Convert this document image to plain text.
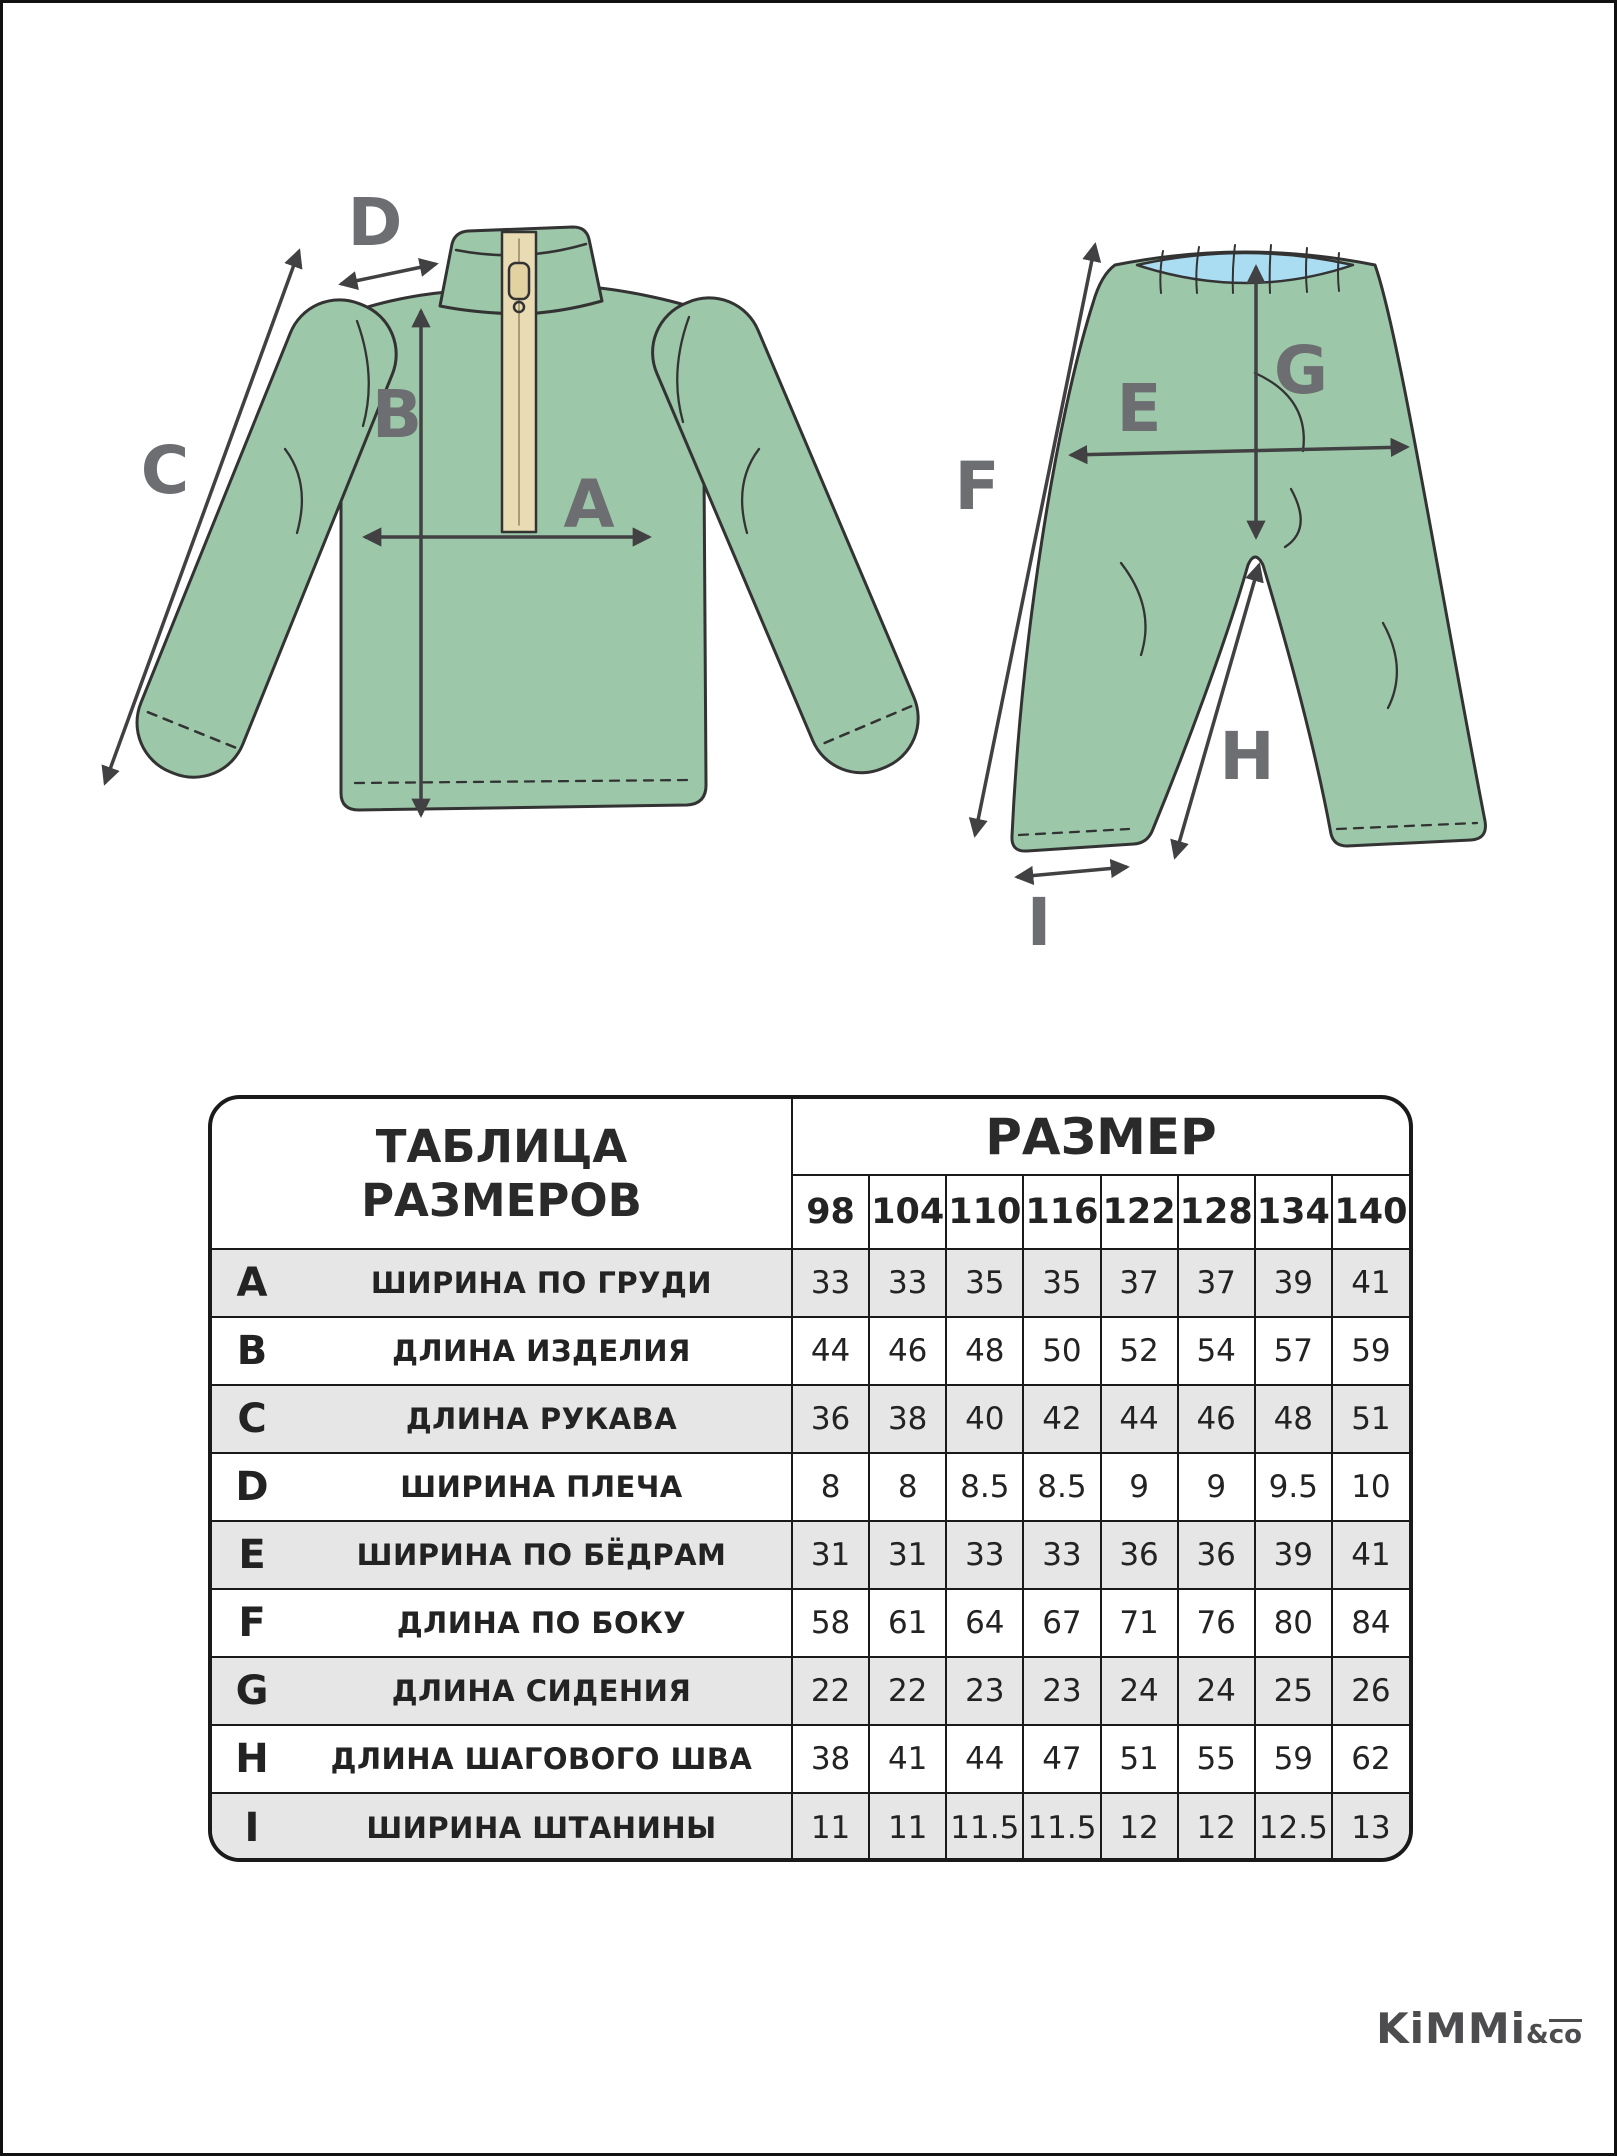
A
B
C
D
E
F
G
H
I
ТАБЛИЦА РАЗМЕРОВ		РАЗМЕР							
		98	104	110	116	122	128	134	140
A	ШИРИНА ПО ГРУДИ	33	33	35	35	37	37	39	41
B	ДЛИНА ИЗДЕЛИЯ	44	46	48	50	52	54	57	59
C	ДЛИНА РУКАВА	36	38	40	42	44	46	48	51
D	ШИРИНА ПЛЕЧА	8	8	8.5	8.5	9	9	9.5	10
E	ШИРИНА ПО БЁДРАМ	31	31	33	33	36	36	39	41
F	ДЛИНА ПО БОКУ	58	61	64	67	71	76	80	84
G	ДЛИНА СИДЕНИЯ	22	22	23	23	24	24	25	26
H	ДЛИНА ШАГОВОГО ШВА	38	41	44	47	51	55	59	62
I	ШИРИНА ШТАНИНЫ	11	11	11.5	11.5	12	12	12.5	13
KiMMi&co
